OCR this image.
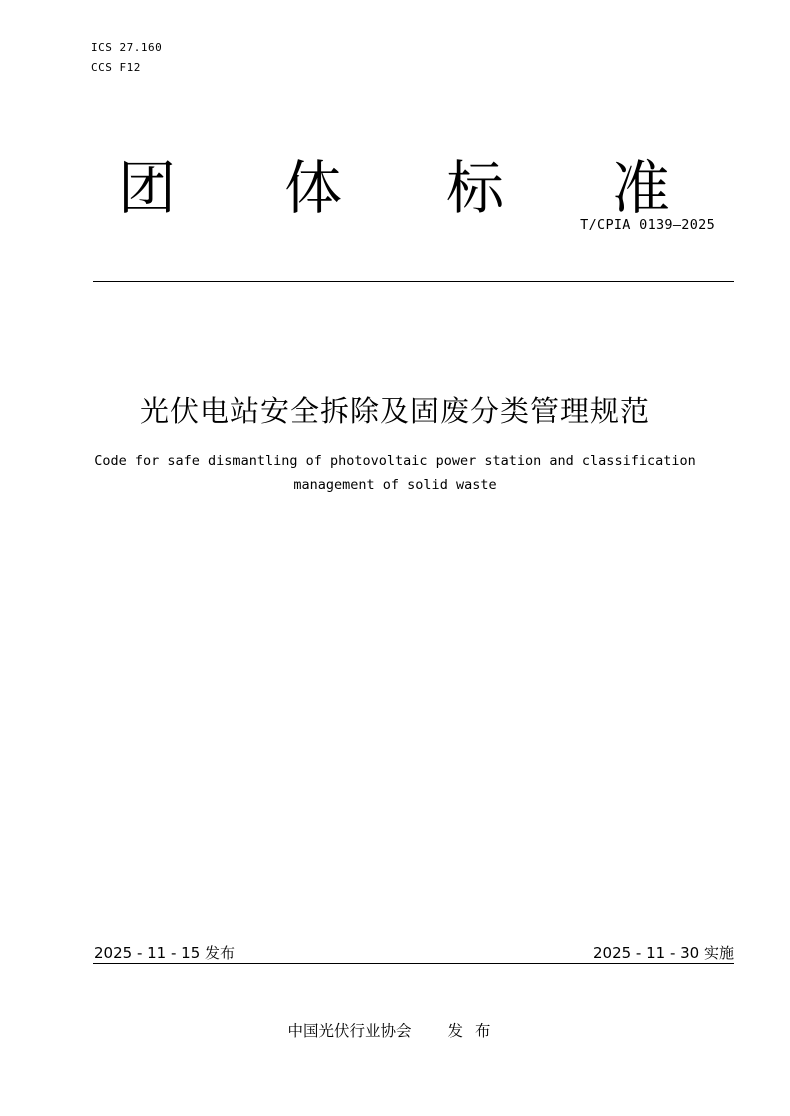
ICS 27.160
CCS F12
团 体 标 准
T/CPIA 0139—2025
光伏电站安全拆除及固废分类管理规范
Code for safe dismantling of photovoltaic power station and classification
management of solid waste
2025 - 11 - 15 发布	2025 - 11 - 30 实施
中国光伏行业协会 发布
